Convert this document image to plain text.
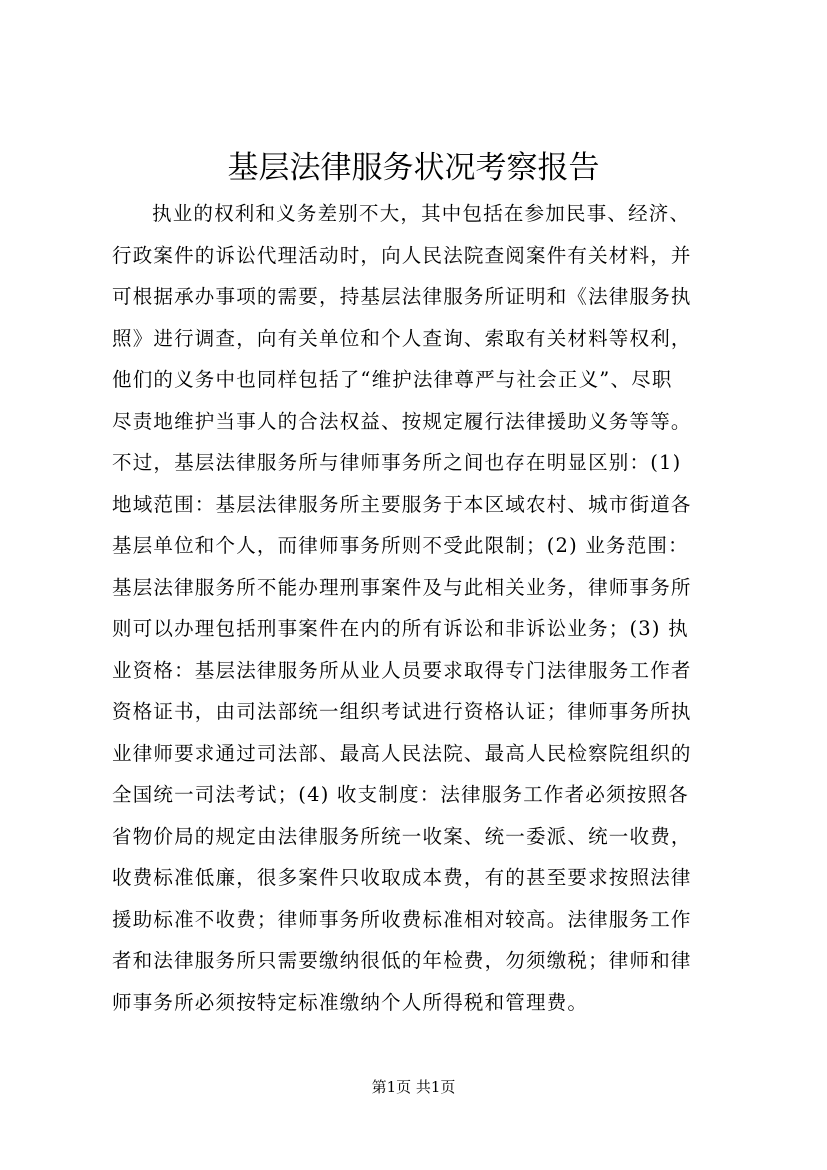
基层法律服务状况考察报告
执业的权利和义务差别不大，其中包括在参加民事、经济、
行政案件的诉讼代理活动时，向人民法院查阅案件有关材料，并
可根据承办事项的需要，持基层法律服务所证明和《法律服务执
照》进行调查，向有关单位和个人查询、索取有关材料等权利，
他们的义务中也同样包括了“维护法律尊严与社会正义”、尽职
尽责地维护当事人的合法权益、按规定履行法律援助义务等等。
不过，基层法律服务所与律师事务所之间也存在明显区别：(1)
地域范围：基层法律服务所主要服务于本区域农村、城市街道各
基层单位和个人，而律师事务所则不受此限制；(2) 业务范围：
基层法律服务所不能办理刑事案件及与此相关业务，律师事务所
则可以办理包括刑事案件在内的所有诉讼和非诉讼业务；(3) 执
业资格：基层法律服务所从业人员要求取得专门法律服务工作者
资格证书，由司法部统一组织考试进行资格认证；律师事务所执
业律师要求通过司法部、最高人民法院、最高人民检察院组织的
全国统一司法考试；(4) 收支制度：法律服务工作者必须按照各
省物价局的规定由法律服务所统一收案、统一委派、统一收费，
收费标准低廉，很多案件只收取成本费，有的甚至要求按照法律
援助标准不收费；律师事务所收费标准相对较高。法律服务工作
者和法律服务所只需要缴纳很低的年检费，勿须缴税；律师和律
师事务所必须按特定标准缴纳个人所得税和管理费。
第1页 共1页
